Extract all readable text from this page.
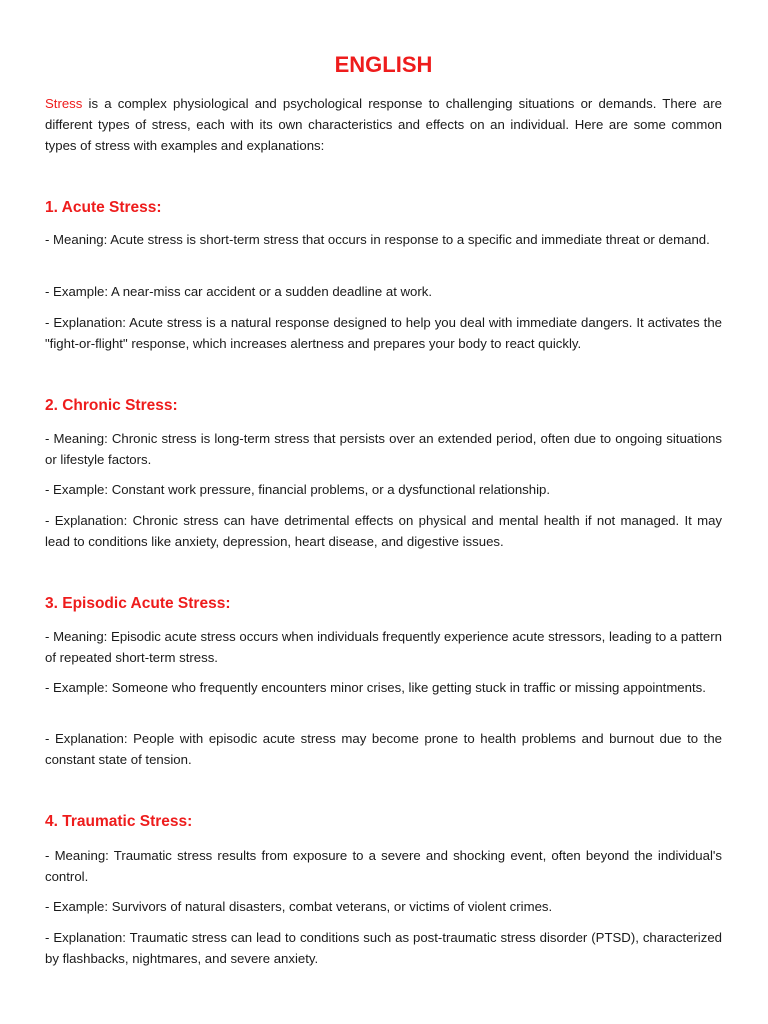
ENGLISH

Stress is a complex physiological and psychological response to challenging situations or demands. There are different types of stress, each with its own characteristics and effects on an individual. Here are some common types of stress with examples and explanations:

1. Acute Stress:

- Meaning: Acute stress is short-term stress that occurs in response to a specific and immediate threat or demand.

- Example: A near-miss car accident or a sudden deadline at work.

- Explanation: Acute stress is a natural response designed to help you deal with immediate dangers. It activates the "fight-or-flight" response, which increases alertness and prepares your body to react quickly.

2. Chronic Stress:

- Meaning: Chronic stress is long-term stress that persists over an extended period, often due to ongoing situations or lifestyle factors.

- Example: Constant work pressure, financial problems, or a dysfunctional relationship.

- Explanation: Chronic stress can have detrimental effects on physical and mental health if not managed. It may lead to conditions like anxiety, depression, heart disease, and digestive issues.

3. Episodic Acute Stress:

- Meaning: Episodic acute stress occurs when individuals frequently experience acute stressors, leading to a pattern of repeated short-term stress.

- Example: Someone who frequently encounters minor crises, like getting stuck in traffic or missing appointments.

- Explanation: People with episodic acute stress may become prone to health problems and burnout due to the constant state of tension.

4. Traumatic Stress:

- Meaning: Traumatic stress results from exposure to a severe and shocking event, often beyond the individual's control.

- Example: Survivors of natural disasters, combat veterans, or victims of violent crimes.

- Explanation: Traumatic stress can lead to conditions such as post-traumatic stress disorder (PTSD), characterized by flashbacks, nightmares, and severe anxiety.
